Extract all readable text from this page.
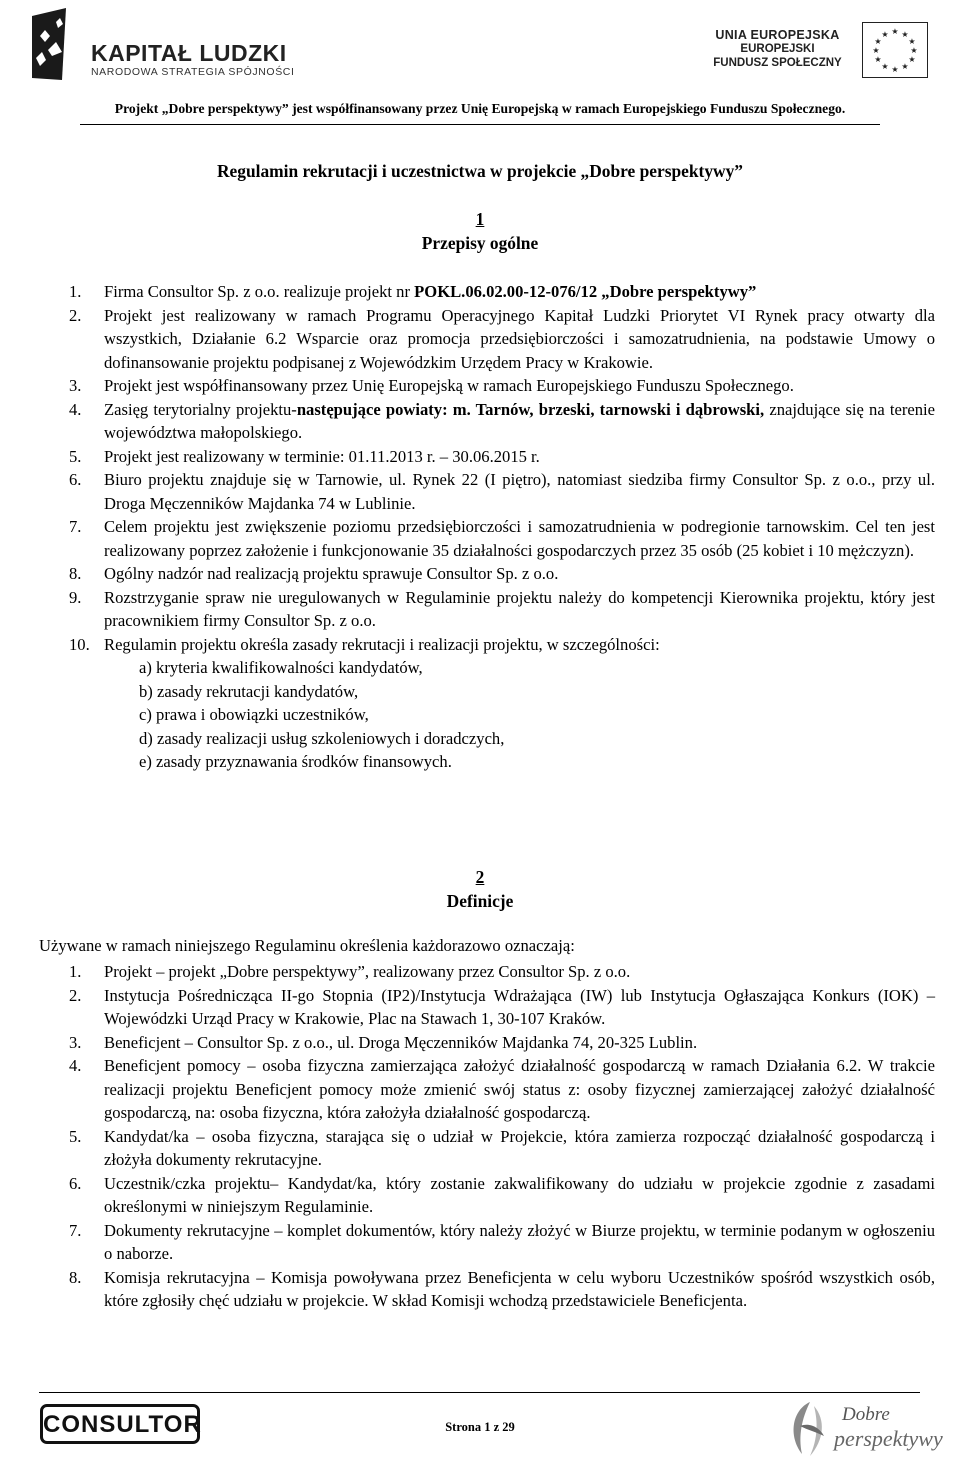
KAPITAŁ LUDZKI
NARODOWA STRATEGIA SPÓJNOŚCI
UNIA EUROPEJSKA
EUROPEJSKI
FUNDUSZ SPOŁECZNY
★ ★
★
★
★
★
★
★
★
★
★
★
Projekt „Dobre perspektywy” jest współfinansowany przez Unię Europejską w ramach Europejskiego Funduszu Społecznego.
Regulamin rekrutacji i uczestnictwa w projekcie „Dobre perspektywy”
1
Przepisy ogólne
1. Firma Consultor Sp. z o.o. realizuje projekt nr POKL.06.02.00-12-076/12 „Dobre perspektywy”
2. Projekt jest realizowany w ramach Programu Operacyjnego Kapitał Ludzki Priorytet VI Rynek pracy otwarty dla wszystkich, Działanie 6.2 Wsparcie oraz promocja przedsiębiorczości i samozatrudnienia, na podstawie Umowy o dofinansowanie projektu podpisanej z Wojewódzkim Urzędem Pracy w Krakowie.
3. Projekt jest współfinansowany przez Unię Europejską w ramach Europejskiego Funduszu Społecznego.
4. Zasięg terytorialny projektu-następujące powiaty: m. Tarnów, brzeski, tarnowski i dąbrowski, znajdujące się na terenie województwa małopolskiego.
5. Projekt jest realizowany w terminie: 01.11.2013 r. – 30.06.2015 r.
6. Biuro projektu znajduje się w Tarnowie, ul. Rynek 22 (I piętro), natomiast siedziba firmy Consultor Sp. z o.o., przy ul. Droga Męczenników Majdanka 74 w Lublinie.
7. Celem projektu jest zwiększenie poziomu przedsiębiorczości i samozatrudnienia w podregionie tarnowskim. Cel ten jest realizowany poprzez założenie i funkcjonowanie 35 działalności gospodarczych przez 35 osób (25 kobiet i 10 mężczyzn).
8. Ogólny nadzór nad realizacją projektu sprawuje Consultor Sp. z o.o.
9. Rozstrzyganie spraw nie uregulowanych w Regulaminie projektu należy do kompetencji Kierownika projektu, który jest pracownikiem firmy Consultor Sp. z o.o.
10. Regulamin projektu określa zasady rekrutacji i realizacji projektu, w szczególności:
a) kryteria kwalifikowalności kandydatów,
b) zasady rekrutacji kandydatów,
c) prawa i obowiązki uczestników,
d) zasady realizacji usług szkoleniowych i doradczych,
e) zasady przyznawania środków finansowych.
2
Definicje
Używane w ramach niniejszego Regulaminu określenia każdorazowo oznaczają:
1. Projekt – projekt „Dobre perspektywy”, realizowany przez Consultor Sp. z o.o.
2. Instytucja Pośrednicząca II-go Stopnia (IP2)/Instytucja Wdrażająca (IW) lub Instytucja Ogłaszająca Konkurs (IOK) – Wojewódzki Urząd Pracy w Krakowie, Plac na Stawach 1, 30-107 Kraków.
3. Beneficjent – Consultor Sp. z o.o., ul. Droga Męczenników Majdanka 74, 20-325 Lublin.
4. Beneficjent pomocy – osoba fizyczna zamierzająca założyć działalność gospodarczą w ramach Działania 6.2. W trakcie realizacji projektu Beneficjent pomocy może zmienić swój status z: osoby fizycznej zamierzającej założyć działalność gospodarczą, na: osoba fizyczna, która założyła działalność gospodarczą.
5. Kandydat/ka – osoba fizyczna, starająca się o udział w Projekcie, która zamierza rozpocząć działalność gospodarczą i złożyła dokumenty rekrutacyjne.
6. Uczestnik/czka projektu– Kandydat/ka, który zostanie zakwalifikowany do udziału w projekcie zgodnie z zasadami określonymi w niniejszym Regulaminie.
7. Dokumenty rekrutacyjne – komplet dokumentów, który należy złożyć w Biurze projektu, w terminie podanym w ogłoszeniu o naborze.
8. Komisja rekrutacyjna – Komisja powoływana przez Beneficjenta w celu wyboru Uczestników spośród wszystkich osób, które zgłosiły chęć udziału w projekcie. W skład Komisji wchodzą przedstawiciele Beneficjenta.
CONSULTOR	Strona 1 z 29
Dobre
perspektywy
